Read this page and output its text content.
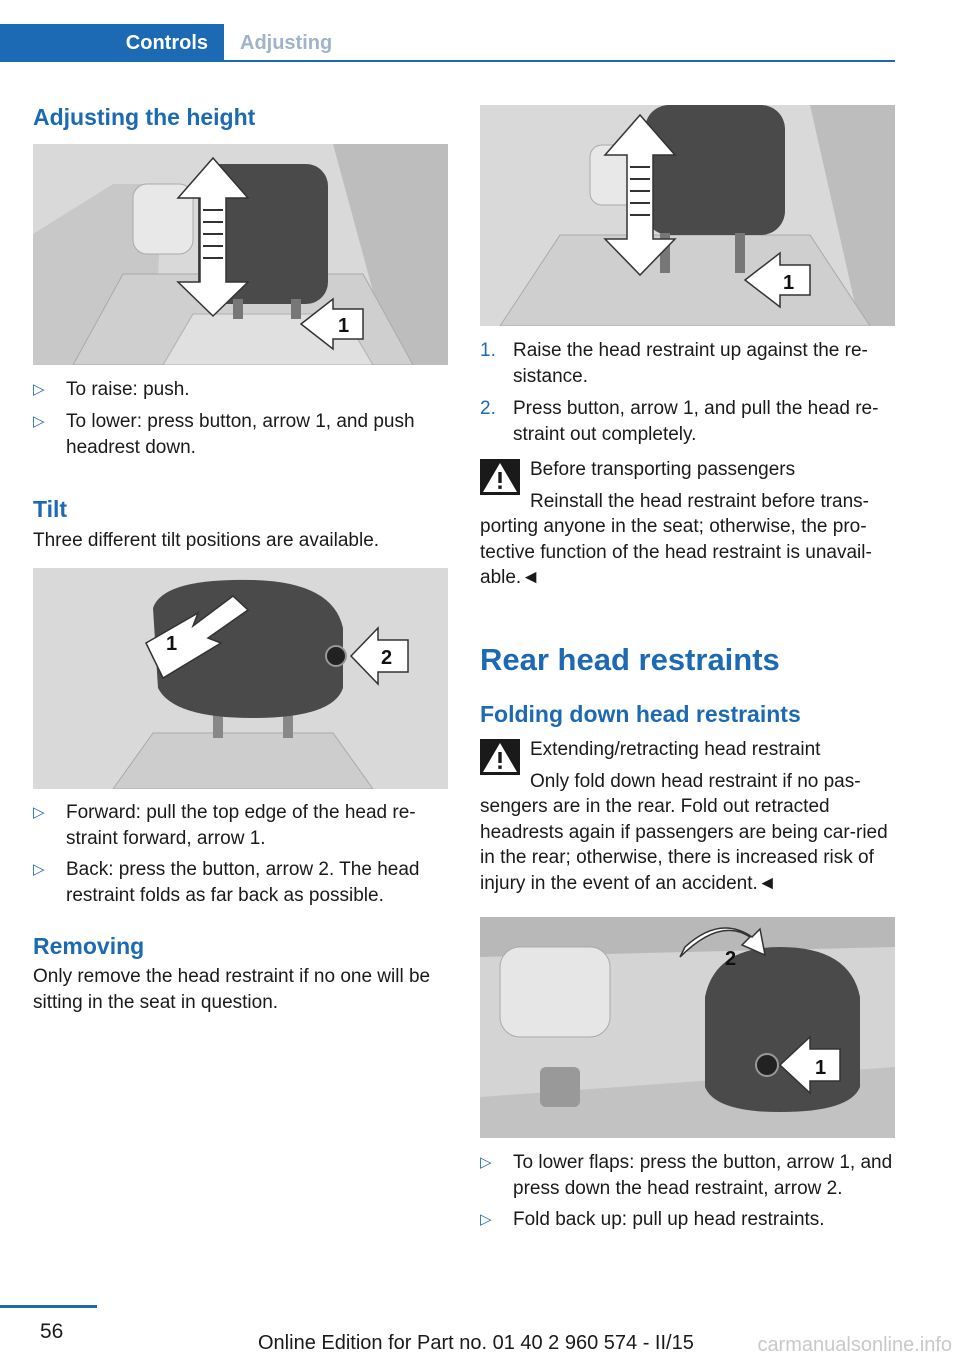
Controls	Adjusting
Adjusting the height
1
▷ To raise: push.
▷ To lower: press button, arrow 1, and push headrest down.
Tilt

Three different tilt positions are available.

1
2
▷ Forward: pull the top edge of the head re-straint forward, arrow 1.
▷ Back: press the button, arrow 2. The head restraint folds as far back as possible.
Removing

Only remove the head restraint if no one will be sitting in the seat in question.

1
1. Raise the head restraint up against the re-sistance.
2. Press button, arrow 1, and pull the head re-straint out completely.
Before transporting passengers
Reinstall the head restraint before trans-
porting anyone in the seat; otherwise, the pro-tective function of the head restraint is unavail-able.◄
Rear head restraints
Folding down head restraints
Extending/retracting head restraint
Only fold down head restraint if no pas-
sengers are in the rear. Fold out retracted headrests again if passengers are being car-ried in the rear; otherwise, there is increased risk of injury in the event of an accident.◄
2
1
▷ To lower flaps: press the button, arrow 1, and press down the head restraint, arrow 2.
▷ Fold back up: pull up head restraints.
56	Online Edition for Part no. 01 40 2 960 574 - II/15	carmanualsonline.info
